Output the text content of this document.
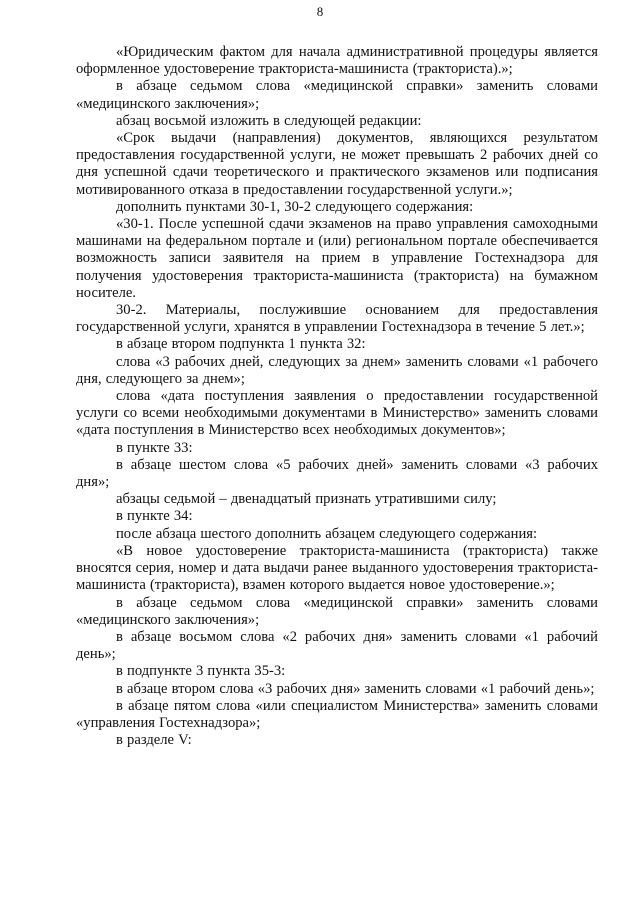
8

«Юридическим фактом для начала административной процедуры является оформленное удостоверение тракториста-машиниста (тракториста).»;

в абзаце седьмом слова «медицинской справки» заменить словами «медицинского заключения»;

абзац восьмой изложить в следующей редакции:

«Срок выдачи (направления) документов, являющихся результатом предоставления государственной услуги, не может превышать 2 рабочих дней со дня успешной сдачи теоретического и практического экзаменов или подписания мотивированного отказа в предоставлении государственной услуги.»;

дополнить пунктами 30-1, 30-2 следующего содержания:

«30-1. После успешной сдачи экзаменов на право управления самоходными машинами на федеральном портале и (или) региональном портале обеспечивается возможность записи заявителя на прием в управление Гостехнадзора для получения удостоверения тракториста-машиниста (тракториста) на бумажном носителе.

30-2. Материалы, послужившие основанием для предоставления государственной услуги, хранятся в управлении Гостехнадзора в течение 5 лет.»;

в абзаце втором подпункта 1 пункта 32:

слова «3 рабочих дней, следующих за днем» заменить словами «1 рабочего дня, следующего за днем»;

слова «дата поступления заявления о предоставлении государственной услуги со всеми необходимыми документами в Министерство» заменить словами «дата поступления в Министерство всех необходимых документов»;

в пункте 33:

в абзаце шестом слова «5 рабочих дней» заменить словами «3 рабочих дня»;

абзацы седьмой – двенадцатый признать утратившими силу;

в пункте 34:

после абзаца шестого дополнить абзацем следующего содержания:

«В новое удостоверение тракториста-машиниста (тракториста) также вносятся серия, номер и дата выдачи ранее выданного удостоверения тракториста-машиниста (тракториста), взамен которого выдается новое удостоверение.»;

в абзаце седьмом слова «медицинской справки» заменить словами «медицинского заключения»;

в абзаце восьмом слова «2 рабочих дня» заменить словами «1 рабочий день»;

в подпункте 3 пункта 35-3:

в абзаце втором слова «3 рабочих дня» заменить словами «1 рабочий день»;

в абзаце пятом слова «или специалистом Министерства» заменить словами «управления Гостехнадзора»;

в разделе V:
